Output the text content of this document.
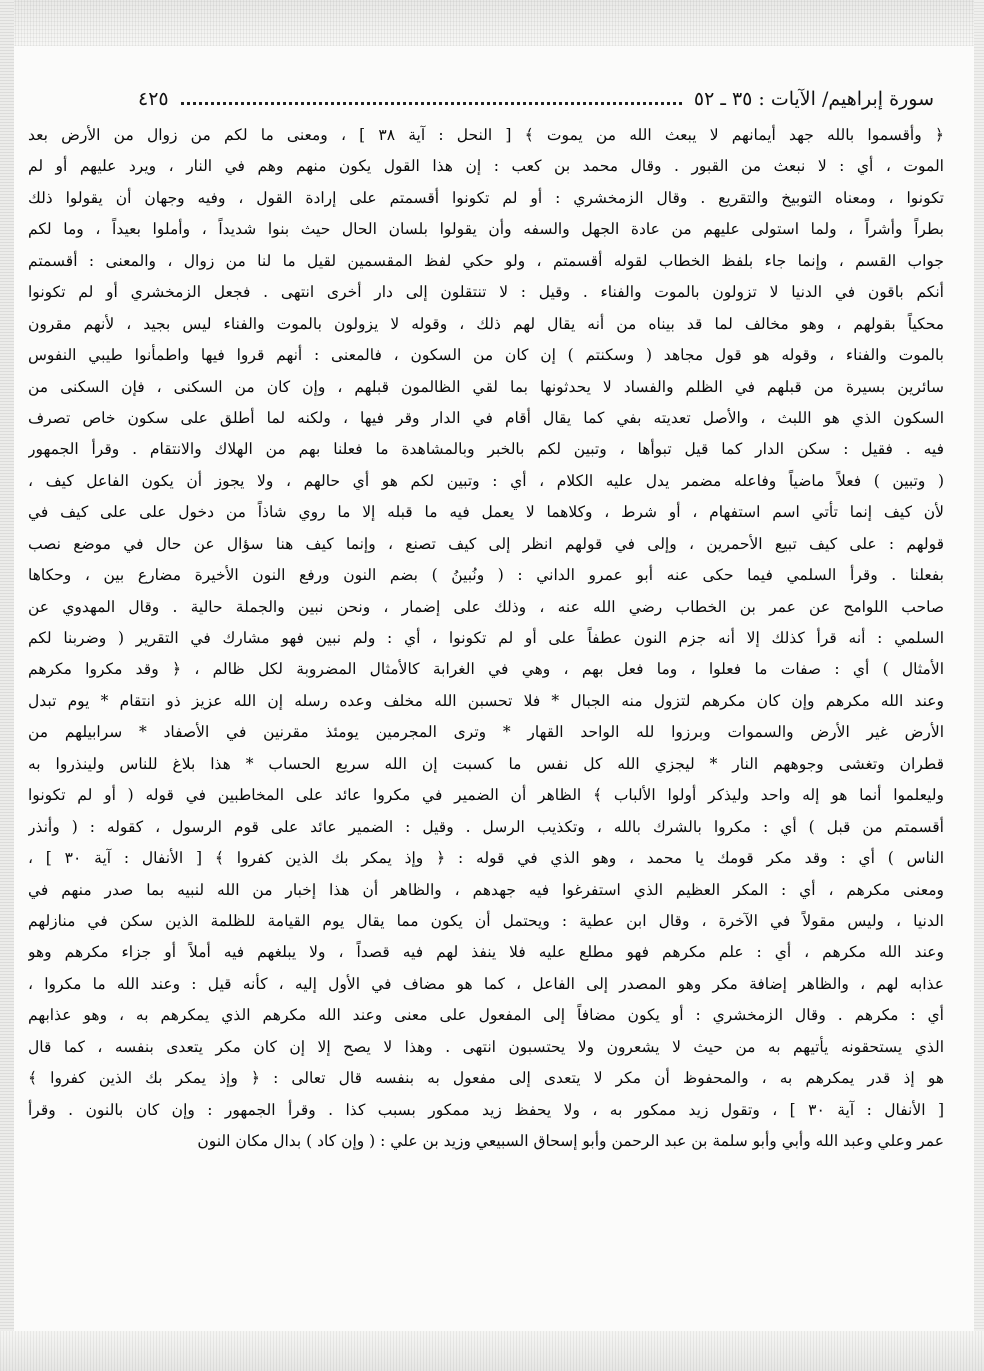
سورة إبراهيم/ الآيات : ٣٥ ـ ٥٢
٤٢٥
﴿ وأقسموا بالله جهد أيمانهم لا يبعث الله من يموت ﴾ [ النحل : آية ٣٨ ] ، ومعنى ما لكم من زوال من الأرض بعد
الموت ، أي : لا نبعث من القبور . وقال محمد بن كعب : إن هذا القول يكون منهم وهم في النار ، ويرد عليهم أو لم
تكونوا ، ومعناه التوبيخ والتقريع . وقال الزمخشري : أو لم تكونوا أقسمتم على إرادة القول ، وفيه وجهان أن يقولوا ذلك
بطراً وأشراً ، ولما استولى عليهم من عادة الجهل والسفه وأن يقولوا بلسان الحال حيث بنوا شديداً ، وأملوا بعيداً ، وما لكم
جواب القسم ، وإنما جاء بلفظ الخطاب لقوله أقسمتم ، ولو حكي لفظ المقسمين لقيل ما لنا من زوال ، والمعنى : أقسمتم
أنكم باقون في الدنيا لا تزولون بالموت والفناء . وقيل : لا تنتقلون إلى دار أخرى انتهى . فجعل الزمخشري أو لم تكونوا
محكياً بقولهم ، وهو مخالف لما قد بيناه من أنه يقال لهم ذلك ، وقوله لا يزولون بالموت والفناء ليس بجيد ، لأنهم مقرون
بالموت والفناء ، وقوله هو قول مجاهد ( وسكنتم ) إن كان من السكون ، فالمعنى : أنهم قروا فيها واطمأنوا طيبي النفوس
سائرين بسيرة من قبلهم في الظلم والفساد لا يحدثونها بما لقي الظالمون قبلهم ، وإن كان من السكنى ، فإن السكنى من
السكون الذي هو اللبث ، والأصل تعديته بفي كما يقال أقام في الدار وقر فيها ، ولكنه لما أطلق على سكون خاص تصرف
فيه . فقيل : سكن الدار كما قيل تبوأها ، وتبين لكم بالخبر وبالمشاهدة ما فعلنا بهم من الهلاك والانتقام . وقرأ الجمهور
( وتبين ) فعلاً ماضياً وفاعله مضمر يدل عليه الكلام ، أي : وتبين لكم هو أي حالهم ، ولا يجوز أن يكون الفاعل كيف ،
لأن كيف إنما تأتي اسم استفهام ، أو شرط ، وكلاهما لا يعمل فيه ما قبله إلا ما روي شاذاً من دخول على على كيف في
قولهم : على كيف تبيع الأحمرين ، وإلى في قولهم انظر إلى كيف تصنع ، وإنما كيف هنا سؤال عن حال في موضع نصب
بفعلنا . وقرأ السلمي فيما حكى عنه أبو عمرو الداني : ( ونُبينُ ) بضم النون ورفع النون الأخيرة مضارع بين ، وحكاها
صاحب اللوامح عن عمر بن الخطاب رضي الله عنه ، وذلك على إضمار ، ونحن نبين والجملة حالية . وقال المهدوي عن
السلمي : أنه قرأ كذلك إلا أنه جزم النون عطفاً على أو لم تكونوا ، أي : ولم نبين فهو مشارك في التقرير ( وضربنا لكم
الأمثال ) أي : صفات ما فعلوا ، وما فعل بهم ، وهي في الغرابة كالأمثال المضروبة لكل ظالم ، ﴿ وقد مكروا مكرهم
وعند الله مكرهم وإن كان مكرهم لتزول منه الجبال * فلا تحسبن الله مخلف وعده رسله إن الله عزيز ذو انتقام * يوم تبدل
الأرض غير الأرض والسموات وبرزوا لله الواحد القهار * وترى المجرمين يومئذ مقرنين في الأصفاد * سرابيلهم من
قطران وتغشى وجوههم النار * ليجزي الله كل نفس ما كسبت إن الله سريع الحساب * هذا بلاغ للناس ولينذروا به
وليعلموا أنما هو إله واحد وليذكر أولوا الألباب ﴾ الظاهر أن الضمير في مكروا عائد على المخاطبين في قوله ( أو لم تكونوا
أقسمتم من قبل ) أي : مكروا بالشرك بالله ، وتكذيب الرسل . وقيل : الضمير عائد على قوم الرسول ، كقوله : ( وأنذر
الناس ) أي : وقد مكر قومك يا محمد ، وهو الذي في قوله : ﴿ وإذ يمكر بك الذين كفروا ﴾ [ الأنفال : آية ٣٠ ] ،
ومعنى مكرهم ، أي : المكر العظيم الذي استفرغوا فيه جهدهم ، والظاهر أن هذا إخبار من الله لنبيه بما صدر منهم في
الدنيا ، وليس مقولاً في الآخرة ، وقال ابن عطية : ويحتمل أن يكون مما يقال يوم القيامة للظلمة الذين سكن في منازلهم
وعند الله مكرهم ، أي : علم مكرهم فهو مطلع عليه فلا ينفذ لهم فيه قصداً ، ولا يبلغهم فيه أملاً أو جزاء مكرهم وهو
عذابه لهم ، والظاهر إضافة مكر وهو المصدر إلى الفاعل ، كما هو مضاف في الأول إليه ، كأنه قيل : وعند الله ما مكروا ،
أي : مكرهم . وقال الزمخشري : أو يكون مضافاً إلى المفعول على معنى وعند الله مكرهم الذي يمكرهم به ، وهو عذابهم
الذي يستحقونه يأتيهم به من حيث لا يشعرون ولا يحتسبون انتهى . وهذا لا يصح إلا إن كان مكر يتعدى بنفسه ، كما قال
هو إذ قدر يمكرهم به ، والمحفوظ أن مكر لا يتعدى إلى مفعول به بنفسه قال تعالى : ﴿ وإذ يمكر بك الذين كفروا ﴾
[ الأنفال : آية ٣٠ ] ، وتقول زيد ممكور به ، ولا يحفظ زيد ممكور بسبب كذا . وقرأ الجمهور : وإن كان بالنون . وقرأ
عمر وعلي وعبد الله وأبي وأبو سلمة بن عبد الرحمن وأبو إسحاق السبيعي وزيد بن علي : ( وإن كاد ) بدال مكان النون
